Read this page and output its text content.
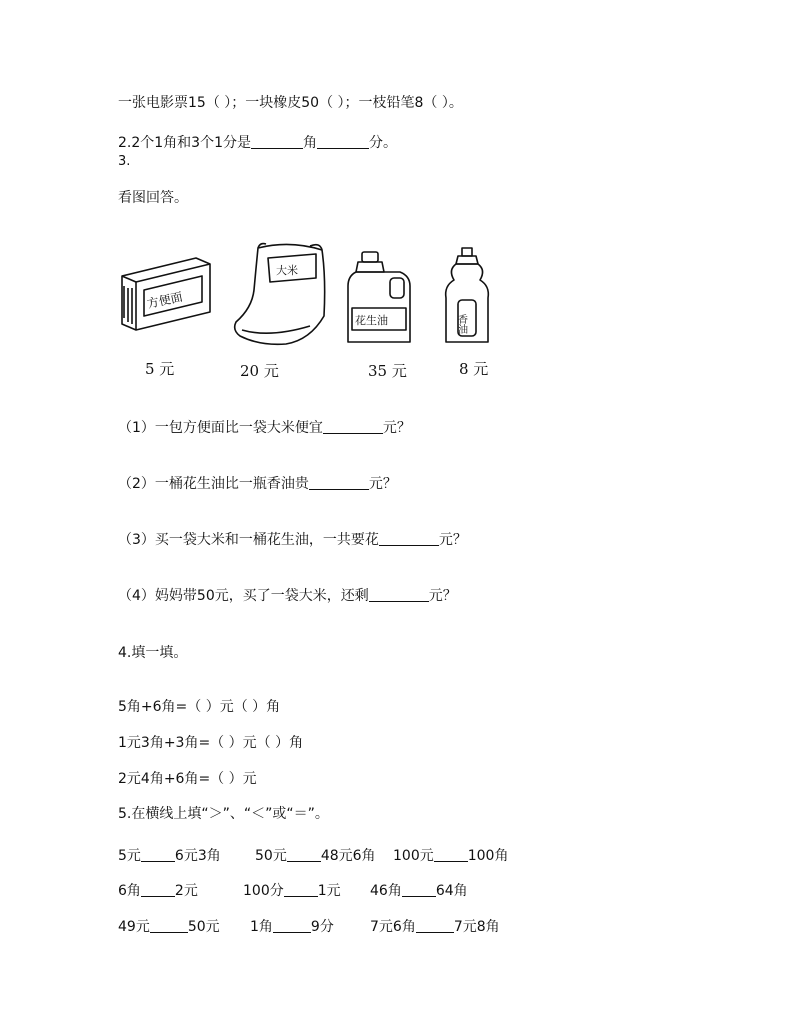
一张电影票15（ ）；一块橡皮50（ ）；一枝铅笔8（ ）。
2.2个1角和3个1分是	角	分。
3.
看图回答。
方便面
大米
花生油	香油
5 元	20 元	35 元	8 元
（1）一包方便面比一袋大米便宜	元？
（2）一桶花生油比一瓶香油贵	元？
（3）买一袋大米和一桶花生油，一共要花	元？
（4）妈妈带50元，买了一袋大米，还剩	元？
4.填一填。
5角+6角=（ ）元（ ）角
1元3角+3角=（ ）元（ ）角
2元4角+6角=（ ）元
5.在横线上填“＞”、“＜”或“＝”。
5元 6元3角 50元 48元6角 100元 100角
6角 2元	100分 1元 46角 64角
49元	50元 1角	9分	7元6角	7元8角
